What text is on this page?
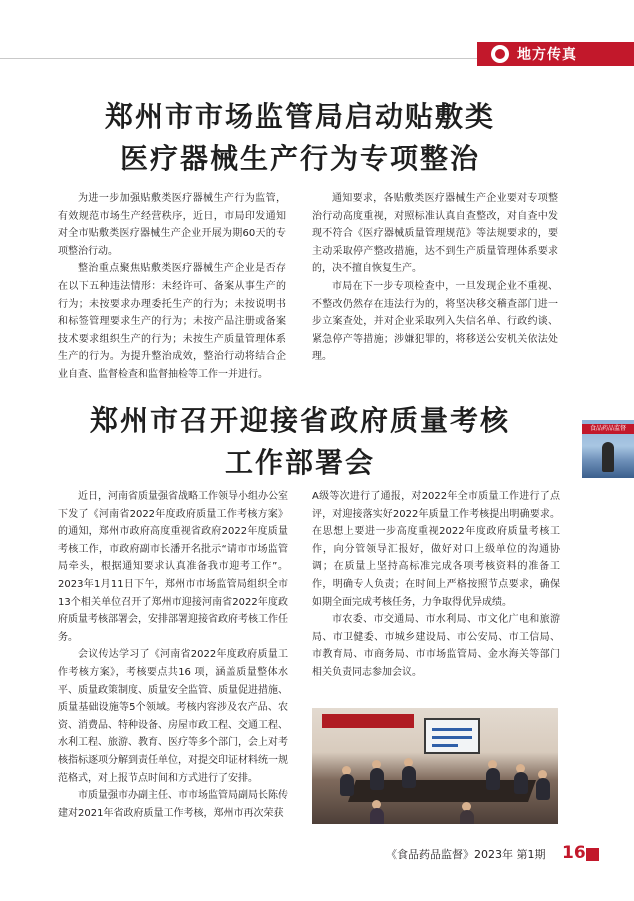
地方传真
郑州市市场监管局启动贴敷类
医疗器械生产行为专项整治

为进一步加强贴敷类医疗器械生产行为监管，有效规范市场生产经营秩序，近日，市局印发通知对全市贴敷类医疗器械生产企业开展为期60天的专项整治行动。

整治重点聚焦贴敷类医疗器械生产企业是否存在以下五种违法情形：未经许可、备案从事生产的行为；未按要求办理委托生产的行为；未按说明书和标签管理要求生产的行为；未按产品注册或备案技术要求组织生产的行为；未按生产质量管理体系生产的行为。为提升整治成效，整治行动将结合企业自查、监督检查和监督抽检等工作一并进行。

通知要求，各贴敷类医疗器械生产企业要对专项整治行动高度重视，对照标准认真自查整改，对自查中发现不符合《医疗器械质量管理规范》等法规要求的，要主动采取停产整改措施，达不到生产质量管理体系要求的，决不擅自恢复生产。

市局在下一步专项检查中，一旦发现企业不重视、不整改仍然存在违法行为的，将坚决移交稽查部门进一步立案查处，并对企业采取列入失信名单、行政约谈、紧急停产等措施；涉嫌犯罪的，将移送公安机关依法处理。

食品药品监督
郑州市召开迎接省政府质量考核
工作部署会

近日，河南省质量强省战略工作领导小组办公室下发了《河南省2022年度政府质量工作考核方案》的通知，郑州市政府高度重视省政府2022年度质量考核工作，市政府副市长潘开名批示“请市市场监管局牵头，根据通知要求认真准备我市迎考工作”。2023年1月11日下午，郑州市市场监管局组织全市13个相关单位召开了郑州市迎接河南省2022年度政府质量考核部署会，安排部署迎接省政府考核工作任务。

会议传达学习了《河南省2022年度政府质量工作考核方案》，考核要点共16 项，涵盖质量整体水平、质量政策制度、质量安全监管、质量促进措施、质量基础设施等5个领域。考核内容涉及农产品、农资、消费品、特种设备、房屋市政工程、交通工程、水利工程、旅游、教育、医疗等多个部门，会上对考核指标逐项分解到责任单位，对提交印证材料统一规范格式，对上报节点时间和方式进行了安排。

市质量强市办副主任、市市场监管局副局长陈传建对2021年省政府质量工作考核，郑州市再次荣获

A级等次进行了通报，对2022年全市质量工作进行了点评，对迎接落实好2022年质量工作考核提出明确要求。在思想上要进一步高度重视2022年度政府质量考核工作，向分管领导汇报好，做好对口上级单位的沟通协调；在质量上坚持高标准完成各项考核资料的准备工作，明确专人负责；在时间上严格按照节点要求，确保如期全面完成考核任务，力争取得优异成绩。

市农委、市交通局、市水利局、市文化广电和旅游局、市卫健委、市城乡建设局、市公安局、市工信局、市教育局、市商务局、市市场监管局、金水海关等部门相关负责同志参加会议。

《食品药品监督》2023年 第1期 16
